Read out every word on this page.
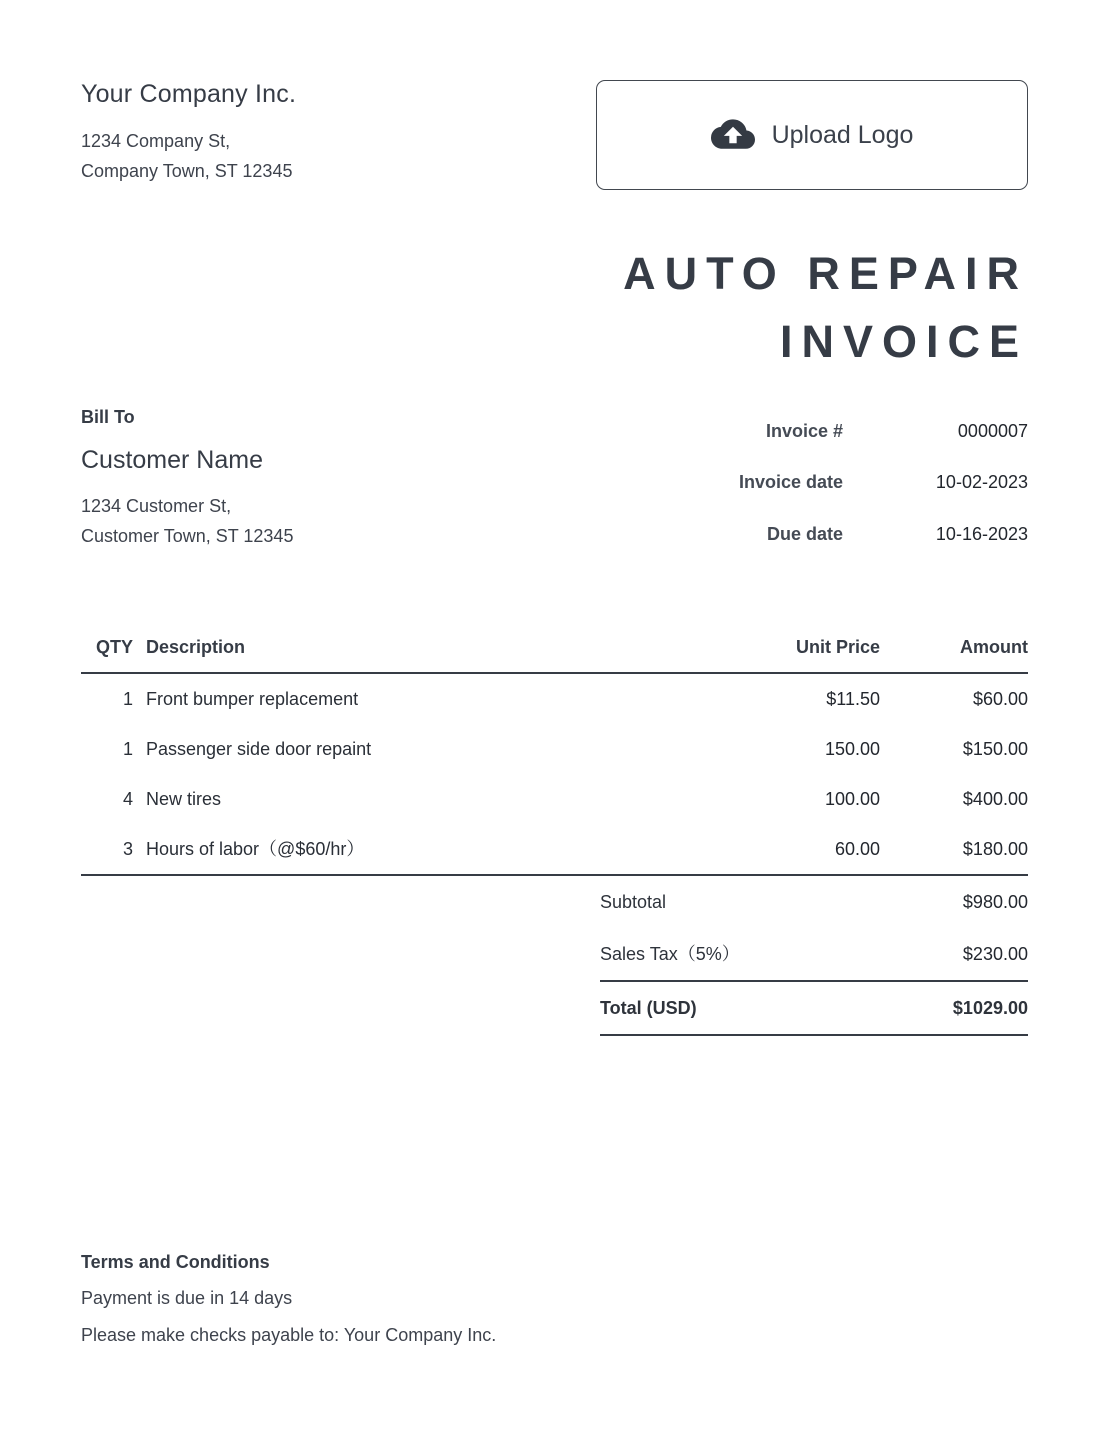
Your Company Inc.
1234 Company St,
Company Town, ST 12345
Upload Logo
AUTO REPAIR
INVOICE
Bill To
Customer Name
1234 Customer St,
Customer Town, ST 12345
Invoice #	0000007
Invoice date	10-02-2023
Due date	10-16-2023
QTY Description	Unit Price	Amount
1 Front bumper replacement	$11.50	$60.00
1 Passenger side door repaint	150.00	$150.00
4 New tires	100.00	$400.00
3 Hours of labor（@$60/hr）	60.00	$180.00
Subtotal	$980.00
Sales Tax（5%）	$230.00
Total (USD)	$1029.00
Terms and Conditions
Payment is due in 14 days
Please make checks payable to: Your Company Inc.
